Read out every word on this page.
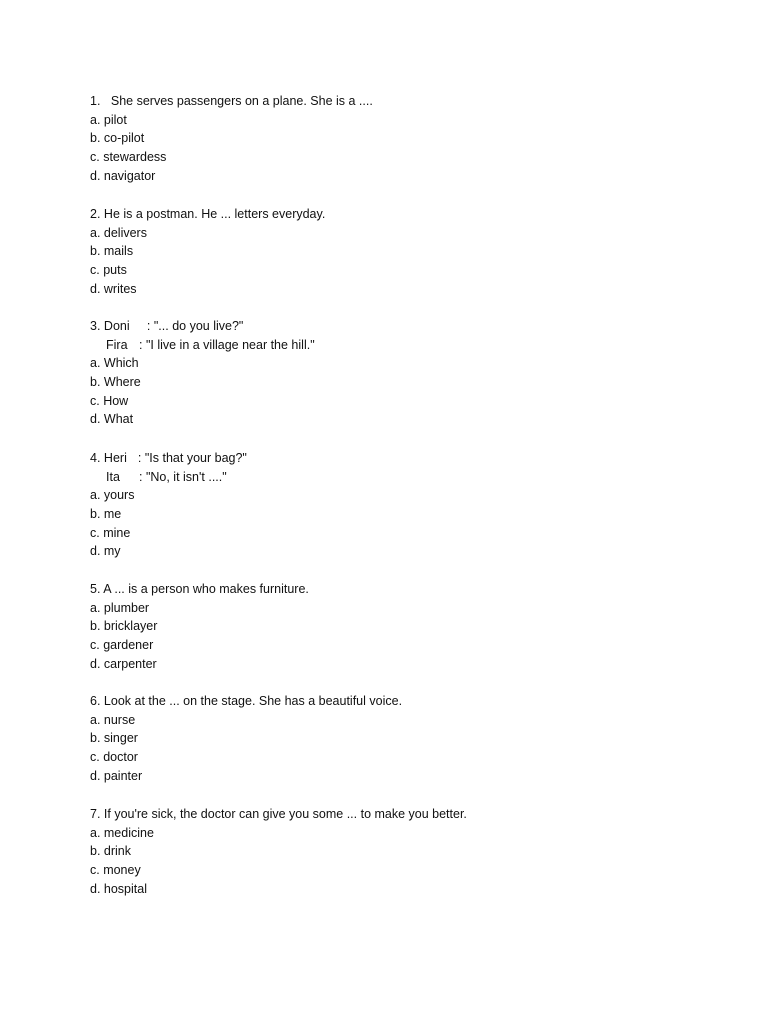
1. She serves passengers on a plane. She is a ....
a. pilot
b. co-pilot
c. stewardess
d. navigator
2. He is a postman. He ... letters everyday.
a. delivers
b. mails
c. puts
d. writes
3.
Doni	: "... do you live?"
Fira : "I live in a village near the hill."
a. Which
b. Where
c. How
d. What
4.
Heri : "Is that your bag?"
Ita	: "No, it isn't ...."
a. yours
b. me
c. mine
d. my
5. A ... is a person who makes furniture.
a. plumber
b. bricklayer
c. gardener
d. carpenter
6. Look at the ... on the stage. She has a beautiful voice.
a. nurse
b. singer
c. doctor
d. painter
7. If you're sick, the doctor can give you some ... to make you better.
a. medicine
b. drink
c. money
d. hospital
